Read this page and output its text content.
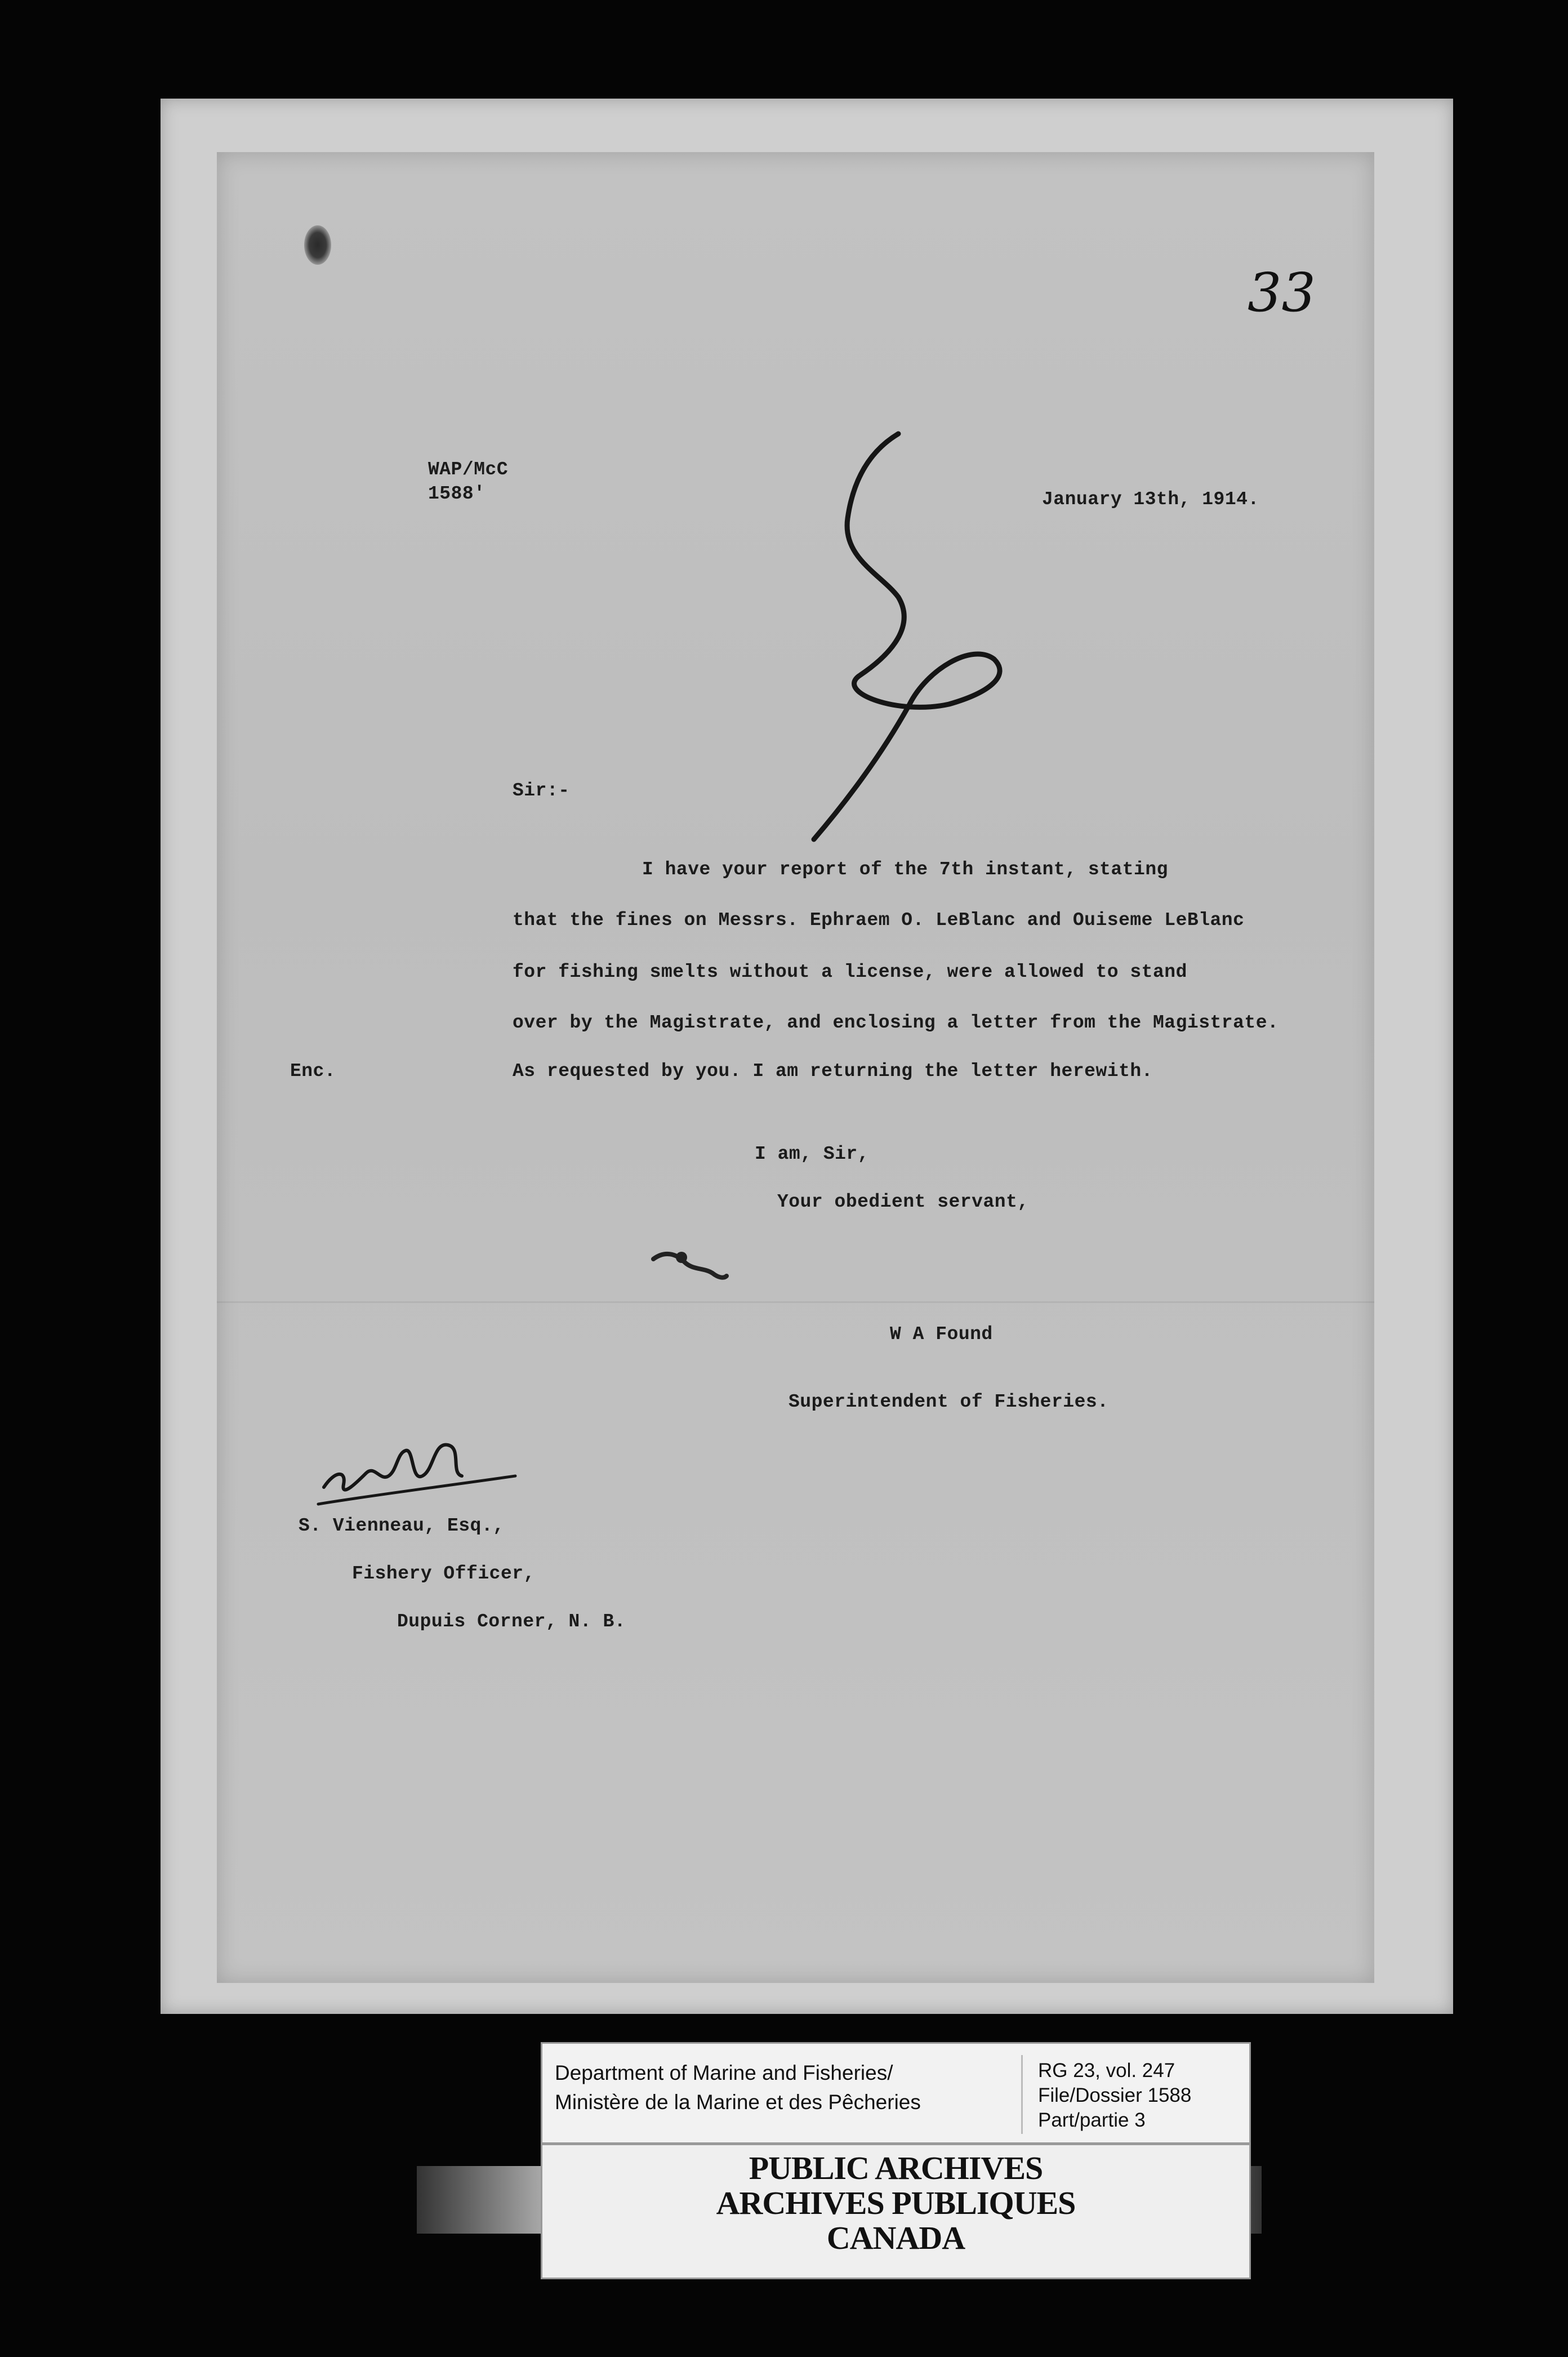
33
WAP/McC
1588'	January 13th, 1914.
Sir:-
I have your report of the 7th instant, stating
that the fines on Messrs. Ephraem O. LeBlanc and Ouiseme LeBlanc
for fishing smelts without a license, were allowed to stand
over by the Magistrate, and enclosing a letter from the Magistrate.
As requested by you. I am returning the letter herewith.
Enc.
I am, Sir,
Your obedient servant,
W A Found
Superintendent of Fisheries.
S. Vienneau, Esq.,
Fishery Officer,
Dupuis Corner, N. B.
Department of Marine and Fisheries/
Ministère de la Marine et des Pêcheries
RG 23, vol. 247
File/Dossier 1588
Part/partie 3
PUBLIC ARCHIVES
ARCHIVES PUBLIQUES
CANADA
